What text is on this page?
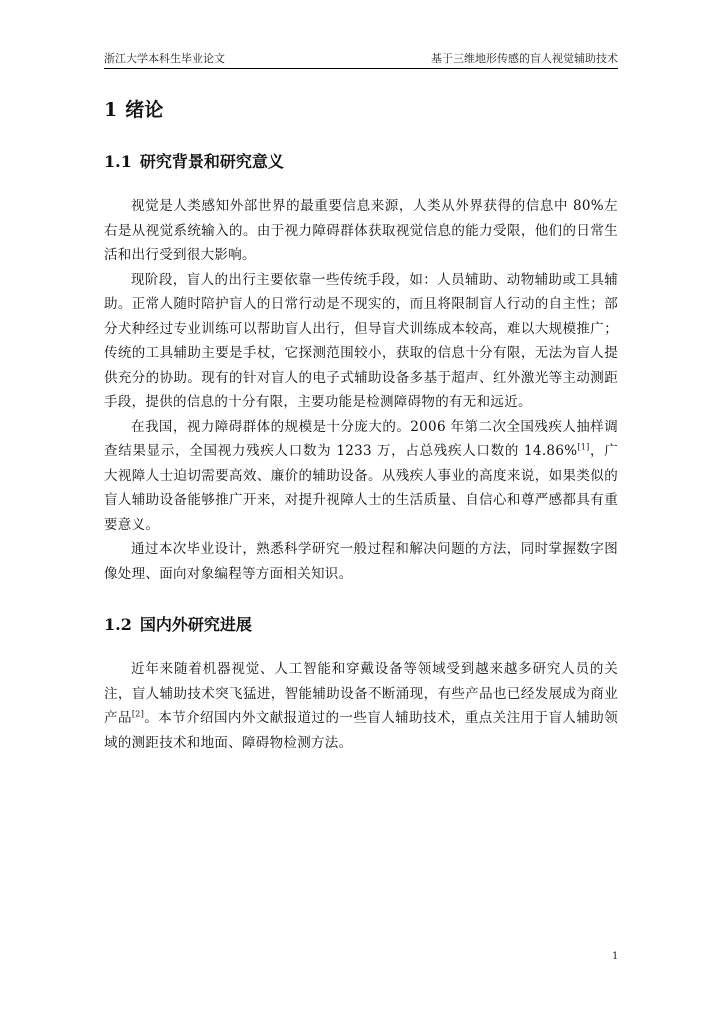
浙江大学本科生毕业论文	基于三维地形传感的盲人视觉辅助技术
1 绪论
1.1 研究背景和研究意义

视觉是人类感知外部世界的最重要信息来源，人类从外界获得的信息中 80%左右是从视觉系统输入的。由于视力障碍群体获取视觉信息的能力受限，他们的日常生活和出行受到很大影响。

现阶段，盲人的出行主要依靠一些传统手段，如：人员辅助、动物辅助或工具辅助。正常人随时陪护盲人的日常行动是不现实的，而且将限制盲人行动的自主性；部分犬种经过专业训练可以帮助盲人出行，但导盲犬训练成本较高，难以大规模推广；传统的工具辅助主要是手杖，它探测范围较小，获取的信息十分有限，无法为盲人提供充分的协助。现有的针对盲人的电子式辅助设备多基于超声、红外激光等主动测距手段，提供的信息的十分有限，主要功能是检测障碍物的有无和远近。

在我国，视力障碍群体的规模是十分庞大的。2006 年第二次全国残疾人抽样调查结果显示，全国视力残疾人口数为 1233 万，占总残疾人口数的 14.86%[1]，广大视障人士迫切需要高效、廉价的辅助设备。从残疾人事业的高度来说，如果类似的盲人辅助设备能够推广开来，对提升视障人士的生活质量、自信心和尊严感都具有重要意义。

通过本次毕业设计，熟悉科学研究一般过程和解决问题的方法，同时掌握数字图像处理、面向对象编程等方面相关知识。

1.2 国内外研究进展

近年来随着机器视觉、人工智能和穿戴设备等领域受到越来越多研究人员的关注，盲人辅助技术突飞猛进，智能辅助设备不断涌现，有些产品也已经发展成为商业产品[2]。本节介绍国内外文献报道过的一些盲人辅助技术，重点关注用于盲人辅助领域的测距技术和地面、障碍物检测方法。

1
